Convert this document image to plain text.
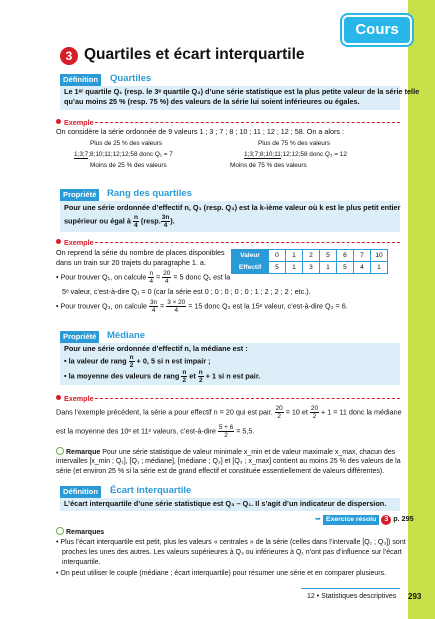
Cours
3 Quartiles et écart interquartile
Définition	Quartiles
Le 1ᵉʳ quartile Q₁ (resp. le 3ᵉ quartile Q₃) d’une série statistique est la plus petite valeur de la série telle
qu’au moins 25 % (resp. 75 %) des valeurs de la série lui soient inférieures ou égales.
Exemple
On considère la série ordonnée de 9 valeurs 1 ; 3 ; 7 ; 8 ; 10 ; 11 ; 12 ; 12 ; 58. On a alors :
Plus de 25 % des valeurs
1;3;7;8;10;11;12;12;58 donc Q₁ = 7
Moins de 25 % des valeurs
Plus de 75 % des valeurs
1;3;7;8;10;11;12;12;58 donc Q₃ = 12
Moins de 75 % des valeurs
Propriété	Rang des quartiles
Pour une série ordonnée d’effectif n, Q₁ (resp. Q₃) est la k-ième valeur où k est le plus petit entier
supérieur ou égal à $\frac{n}{4}$ (resp. $\frac{3n}{4}$ ).
Exemple
On reprend la série du nombre de places disponibles
dans un train sur 20 trajets du paragraphe 1. a.
Valeur	0	1	2	5	6	7	10
Effectif	5	1	3	1	5	4	1
• Pour trouver Q₁, on calcule $\frac{n}{4} = \frac{20}{4} = 5$ donc Q₁ est la
5ᵉ valeur, c’est-à-dire Q₁ = 0 (car la série est 0 ; 0 ; 0 ; 0 ; 0 ; 1 ; 2 ; 2 ; 2 ; etc.).
• Pour trouver Q₃, on calcule $\frac{3n}{4} = \frac{3 \times 20}{4} = 15$ donc Q₃ est la 15ᵉ valeur, c’est-à-dire Q₃ = 6.
Propriété	Médiane
Pour une série ordonnée d’effectif n, la médiane est :
• la valeur de rang $\frac{n}{2} + 0$, 5 si n est impair ;
• la moyenne des valeurs de rang $\frac{n}{2}$ et $\frac{n}{2} + 1$ si n est pair.
Exemple
Dans l’exemple précédent, la série a pour effectif n = 20 qui est pair. $\frac{20}{2} = 10$ et $\frac{20}{2} + 1 = 11$ donc la médiane
est la moyenne des 10ᵉ et 11ᵉ valeurs, c’est-à-dire $\frac{5 + 6}{2} = 5,5$.
Remarque Pour une série statistique de valeur minimale x_min et de valeur maximale x_max, chacun des
intervalles [x_min ; Q₁], [Q₁ ; médiane], [médiane ; Q₃] et [Q₃ ; x_max] contient au moins 25 % des valeurs de la
série (et environ 25 % si la série est de grand effectif et constituée essentiellement de valeurs différentes).
Définition	Écart interquartile
L’écart interquartile d’une série statistique est Q₃ – Q₁. Il s’agit d’un indicateur de dispersion.
➥ Exercice résolu 3 p. 295
Remarques
• Plus l’écart interquartile est petit, plus les valeurs « centrales » de la série (celles dans l’intervalle [Q₁ ; Q₃]) sont
proches les unes des autres. Les valeurs supérieures à Q₃ ou inférieures à Q₁ n’ont pas d’influence sur l’écart
interquartile.
• On peut utiliser le couple (médiane ; écart interquartile) pour résumer une série et en comparer plusieurs.
12 • Statistiques descriptives 293
